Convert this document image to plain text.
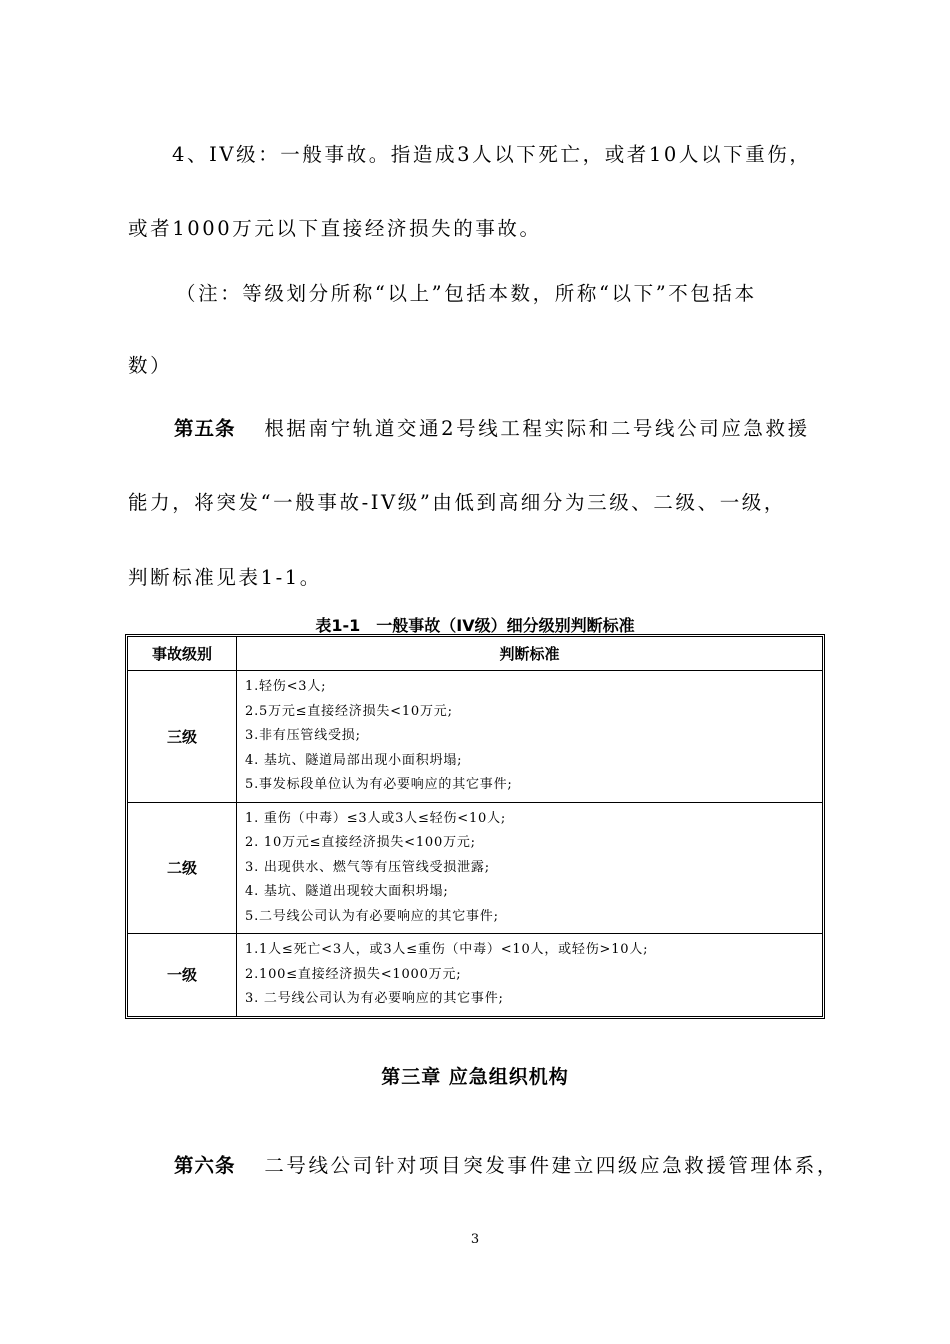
4、IV级：一般事故。指造成3人以下死亡，或者10人以下重伤，
或者1000万元以下直接经济损失的事故。
（注：等级划分所称“以上”包括本数，所称“以下”不包括本
数）
第五条 根据南宁轨道交通2号线工程实际和二号线公司应急救援
能力，将突发“一般事故-IV级”由低到高细分为三级、二级、一级，
判断标准见表1-1。
表1-1　一般事故（IV级）细分级别判断标准
事故级别	判断标准
三级	1.轻伤<3人;
2.5万元≤直接经济损失<10万元;
3.非有压管线受损;
4. 基坑、隧道局部出现小面积坍塌;
5.事发标段单位认为有必要响应的其它事件;

二级	1. 重伤（中毒）≤3人或3人≤轻伤<10人;
2. 10万元≤直接经济损失<100万元;
3. 出现供水、燃气等有压管线受损泄露;
4. 基坑、隧道出现较大面积坍塌;
5.二号线公司认为有必要响应的其它事件;

一级	1.1人≤死亡<3人，或3人≤重伤（中毒）<10人，或轻伤>10人;
2.100≤直接经济损失<1000万元;
3. 二号线公司认为有必要响应的其它事件;
第三章 应急组织机构
第六条 二号线公司针对项目突发事件建立四级应急救援管理体系，
3
